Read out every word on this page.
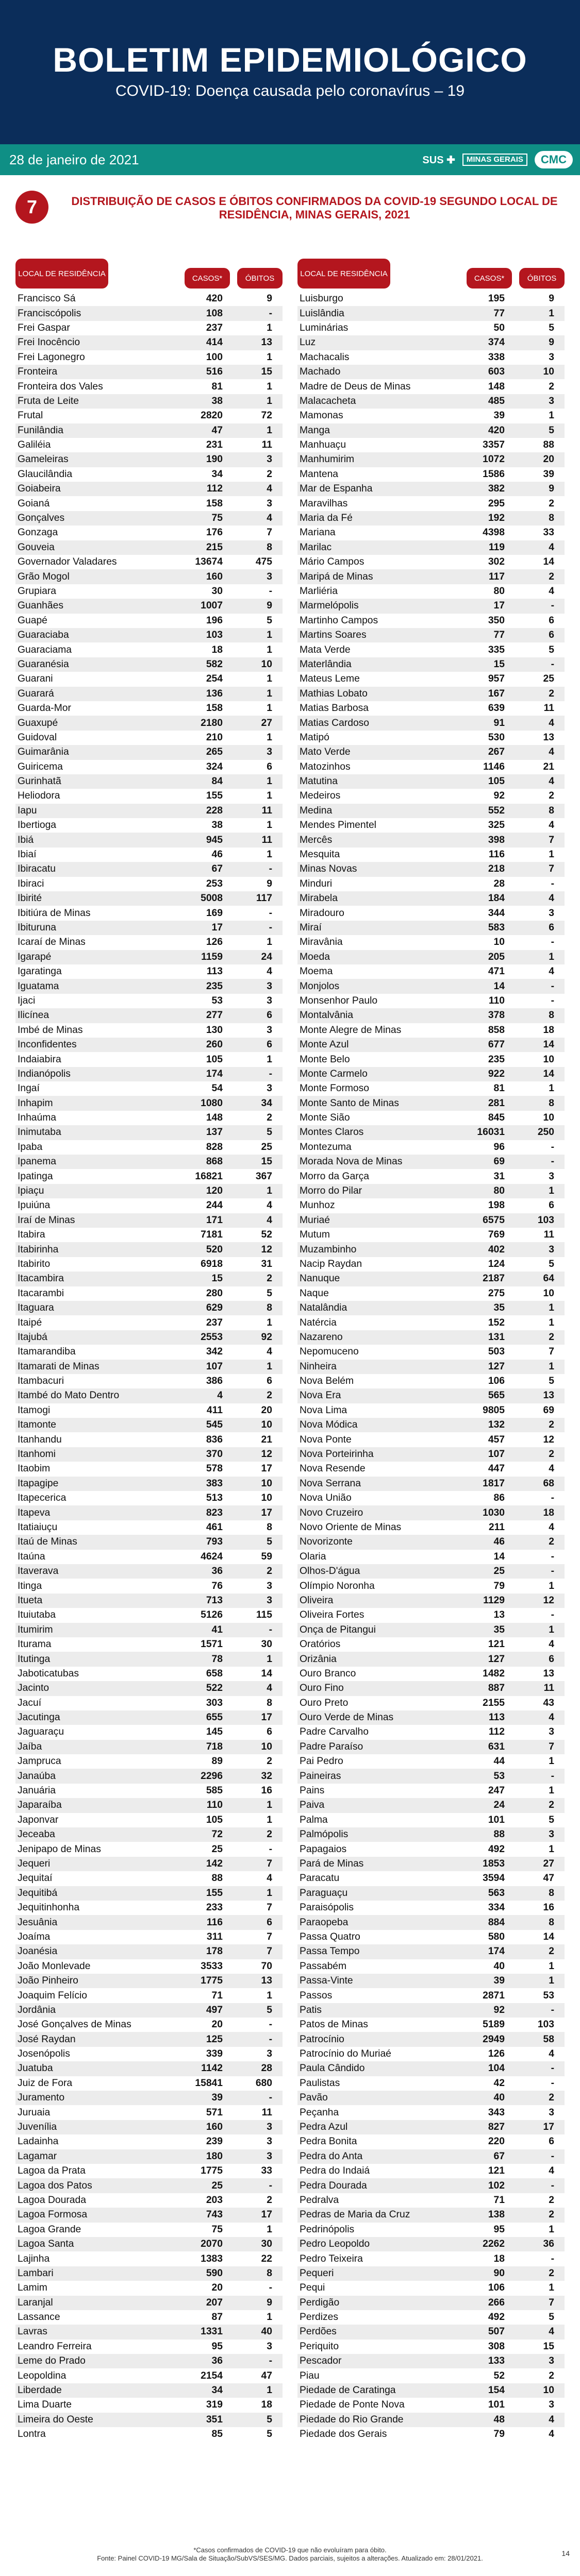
BOLETIM EPIDEMIOLÓGICO
COVID-19: Doença causada pelo coronavírus – 19
28 de janeiro de 2021	SUS ✚	MINAS GERAIS	CMC
7	DISTRIBUIÇÃO DE CASOS E ÓBITOS CONFIRMADOS DA COVID-19 SEGUNDO LOCAL DE RESIDÊNCIA, MINAS GERAIS, 2021
LOCAL DE RESIDÊNCIA
CASOS*	ÓBITOS
Francisco Sá	420	9
Franciscópolis	108	-
Frei Gaspar	237	1
Frei Inocêncio	414	13
Frei Lagonegro	100	1
Fronteira	516	15
Fronteira dos Vales	81	1
Fruta de Leite	38	1
Frutal	2820	72
Funilândia	47	1
Galiléia	231	11
Gameleiras	190	3
Glaucilândia	34	2
Goiabeira	112	4
Goianá	158	3
Gonçalves	75	4
Gonzaga	176	7
Gouveia	215	8
Governador Valadares	13674	475
Grão Mogol	160	3
Grupiara	30	-
Guanhães	1007	9
Guapé	196	5
Guaraciaba	103	1
Guaraciama	18	1
Guaranésia	582	10
Guarani	254	1
Guarará	136	1
Guarda-Mor	158	1
Guaxupé	2180	27
Guidoval	210	1
Guimarânia	265	3
Guiricema	324	6
Gurinhatã	84	1
Heliodora	155	1
Iapu	228	11
Ibertioga	38	1
Ibiá	945	11
Ibiaí	46	1
Ibiracatu	67	-
Ibiraci	253	9
Ibirité	5008	117
Ibitiúra de Minas	169	-
Ibituruna	17	-
Icaraí de Minas	126	1
Igarapé	1159	24
Igaratinga	113	4
Iguatama	235	3
Ijaci	53	3
Ilicínea	277	6
Imbé de Minas	130	3
Inconfidentes	260	6
Indaiabira	105	1
Indianópolis	174	-
Ingaí	54	3
Inhapim	1080	34
Inhaúma	148	2
Inimutaba	137	5
Ipaba	828	25
Ipanema	868	15
Ipatinga	16821	367
Ipiaçu	120	1
Ipuiúna	244	4
Iraí de Minas	171	4
Itabira	7181	52
Itabirinha	520	12
Itabirito	6918	31
Itacambira	15	2
Itacarambi	280	5
Itaguara	629	8
Itaipé	237	1
Itajubá	2553	92
Itamarandiba	342	4
Itamarati de Minas	107	1
Itambacuri	386	6
Itambé do Mato Dentro	4	2
Itamogi	411	20
Itamonte	545	10
Itanhandu	836	21
Itanhomi	370	12
Itaobim	578	17
Itapagipe	383	10
Itapecerica	513	10
Itapeva	823	17
Itatiaiuçu	461	8
Itaú de Minas	793	5
Itaúna	4624	59
Itaverava	36	2
Itinga	76	3
Itueta	713	3
Ituiutaba	5126	115
Itumirim	41	-
Iturama	1571	30
Itutinga	78	1
Jaboticatubas	658	14
Jacinto	522	4
Jacuí	303	8
Jacutinga	655	17
Jaguaraçu	145	6
Jaíba	718	10
Jampruca	89	2
Janaúba	2296	32
Januária	585	16
Japaraíba	110	1
Japonvar	105	1
Jeceaba	72	2
Jenipapo de Minas	25	-
Jequeri	142	7
Jequitaí	88	4
Jequitibá	155	1
Jequitinhonha	233	7
Jesuânia	116	6
Joaíma	311	7
Joanésia	178	7
João Monlevade	3533	70
João Pinheiro	1775	13
Joaquim Felício	71	1
Jordânia	497	5
José Gonçalves de Minas	20	-
José Raydan	125	-
Josenópolis	339	3
Juatuba	1142	28
Juiz de Fora	15841	680
Juramento	39	-
Juruaia	571	11
Juvenília	160	3
Ladainha	239	3
Lagamar	180	3
Lagoa da Prata	1775	33
Lagoa dos Patos	25	-
Lagoa Dourada	203	2
Lagoa Formosa	743	17
Lagoa Grande	75	1
Lagoa Santa	2070	30
Lajinha	1383	22
Lambari	590	8
Lamim	20	-
Laranjal	207	9
Lassance	87	1
Lavras	1331	40
Leandro Ferreira	95	3
Leme do Prado	36	-
Leopoldina	2154	47
Liberdade	34	1
Lima Duarte	319	18
Limeira do Oeste	351	5
Lontra	85	5
LOCAL DE RESIDÊNCIA
CASOS*	ÓBITOS
Luisburgo	195	9
Luislândia	77	1
Luminárias	50	5
Luz	374	9
Machacalis	338	3
Machado	603	10
Madre de Deus de Minas	148	2
Malacacheta	485	3
Mamonas	39	1
Manga	420	5
Manhuaçu	3357	88
Manhumirim	1072	20
Mantena	1586	39
Mar de Espanha	382	9
Maravilhas	295	2
Maria da Fé	192	8
Mariana	4398	33
Marilac	119	4
Mário Campos	302	14
Maripá de Minas	117	2
Marliéria	80	4
Marmelópolis	17	-
Martinho Campos	350	6
Martins Soares	77	6
Mata Verde	335	5
Materlândia	15	-
Mateus Leme	957	25
Mathias Lobato	167	2
Matias Barbosa	639	11
Matias Cardoso	91	4
Matipó	530	13
Mato Verde	267	4
Matozinhos	1146	21
Matutina	105	4
Medeiros	92	2
Medina	552	8
Mendes Pimentel	325	4
Mercês	398	7
Mesquita	116	1
Minas Novas	218	7
Minduri	28	-
Mirabela	184	4
Miradouro	344	3
Miraí	583	6
Miravânia	10	-
Moeda	205	1
Moema	471	4
Monjolos	14	-
Monsenhor Paulo	110	-
Montalvânia	378	8
Monte Alegre de Minas	858	18
Monte Azul	677	14
Monte Belo	235	10
Monte Carmelo	922	14
Monte Formoso	81	1
Monte Santo de Minas	281	8
Monte Sião	845	10
Montes Claros	16031	250
Montezuma	96	-
Morada Nova de Minas	69	-
Morro da Garça	31	3
Morro do Pilar	80	1
Munhoz	198	6
Muriaé	6575	103
Mutum	769	11
Muzambinho	402	3
Nacip Raydan	124	5
Nanuque	2187	64
Naque	275	10
Natalândia	35	1
Natércia	152	1
Nazareno	131	2
Nepomuceno	503	7
Ninheira	127	1
Nova Belém	106	5
Nova Era	565	13
Nova Lima	9805	69
Nova Módica	132	2
Nova Ponte	457	12
Nova Porteirinha	107	2
Nova Resende	447	4
Nova Serrana	1817	68
Nova União	86	-
Novo Cruzeiro	1030	18
Novo Oriente de Minas	211	4
Novorizonte	46	2
Olaria	14	-
Olhos-D'água	25	-
Olímpio Noronha	79	1
Oliveira	1129	12
Oliveira Fortes	13	-
Onça de Pitangui	35	1
Oratórios	121	4
Orizânia	127	6
Ouro Branco	1482	13
Ouro Fino	887	11
Ouro Preto	2155	43
Ouro Verde de Minas	113	4
Padre Carvalho	112	3
Padre Paraíso	631	7
Pai Pedro	44	1
Paineiras	53	-
Pains	247	1
Paiva	24	2
Palma	101	5
Palmópolis	88	3
Papagaios	492	1
Pará de Minas	1853	27
Paracatu	3594	47
Paraguaçu	563	8
Paraisópolis	334	16
Paraopeba	884	8
Passa Quatro	580	14
Passa Tempo	174	2
Passabém	40	1
Passa-Vinte	39	1
Passos	2871	53
Patis	92	-
Patos de Minas	5189	103
Patrocínio	2949	58
Patrocínio do Muriaé	126	4
Paula Cândido	104	-
Paulistas	42	-
Pavão	40	2
Peçanha	343	3
Pedra Azul	827	17
Pedra Bonita	220	6
Pedra do Anta	67	-
Pedra do Indaiá	121	4
Pedra Dourada	102	-
Pedralva	71	2
Pedras de Maria da Cruz	138	2
Pedrinópolis	95	1
Pedro Leopoldo	2262	36
Pedro Teixeira	18	-
Pequeri	90	2
Pequi	106	1
Perdigão	266	7
Perdizes	492	5
Perdões	507	4
Periquito	308	15
Pescador	133	3
Piau	52	2
Piedade de Caratinga	154	10
Piedade de Ponte Nova	101	3
Piedade do Rio Grande	48	4
Piedade dos Gerais	79	4
*Casos confirmados de COVID-19 que não evoluíram para óbito.
Fonte: Painel COVID-19 MG/Sala de Situação/SubVS/SES/MG. Dados parciais, sujeitos a alterações. Atualizado em: 28/01/2021.
14
